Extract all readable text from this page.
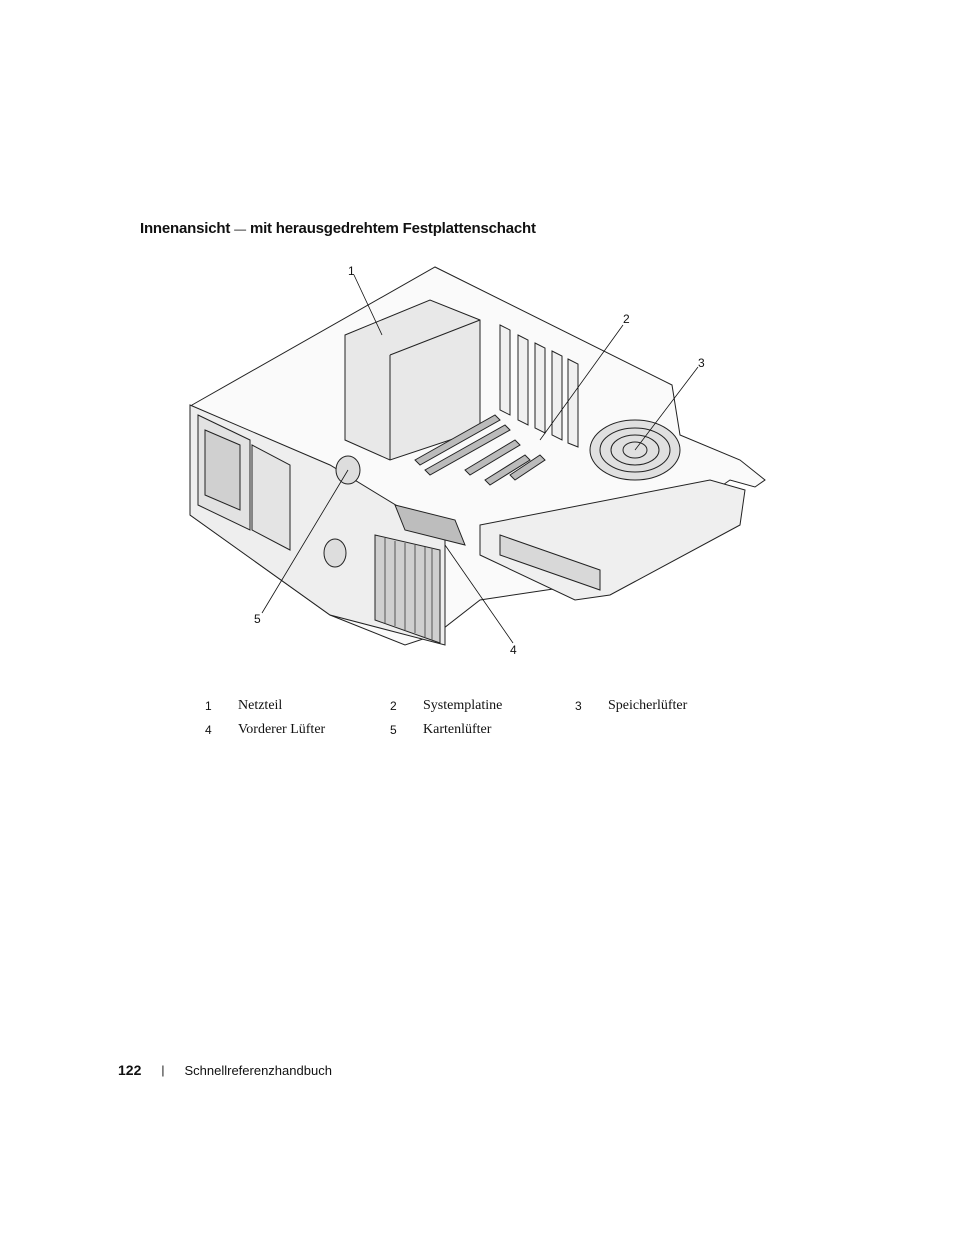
Innenansicht — mit herausgedrehtem Festplattenschacht
1
2
3
4
5
1	Netzteil	2	Systemplatine	3	Speicherlüfter
4	Vorderer Lüfter	5	Kartenlüfter
122 | Schnellreferenzhandbuch
